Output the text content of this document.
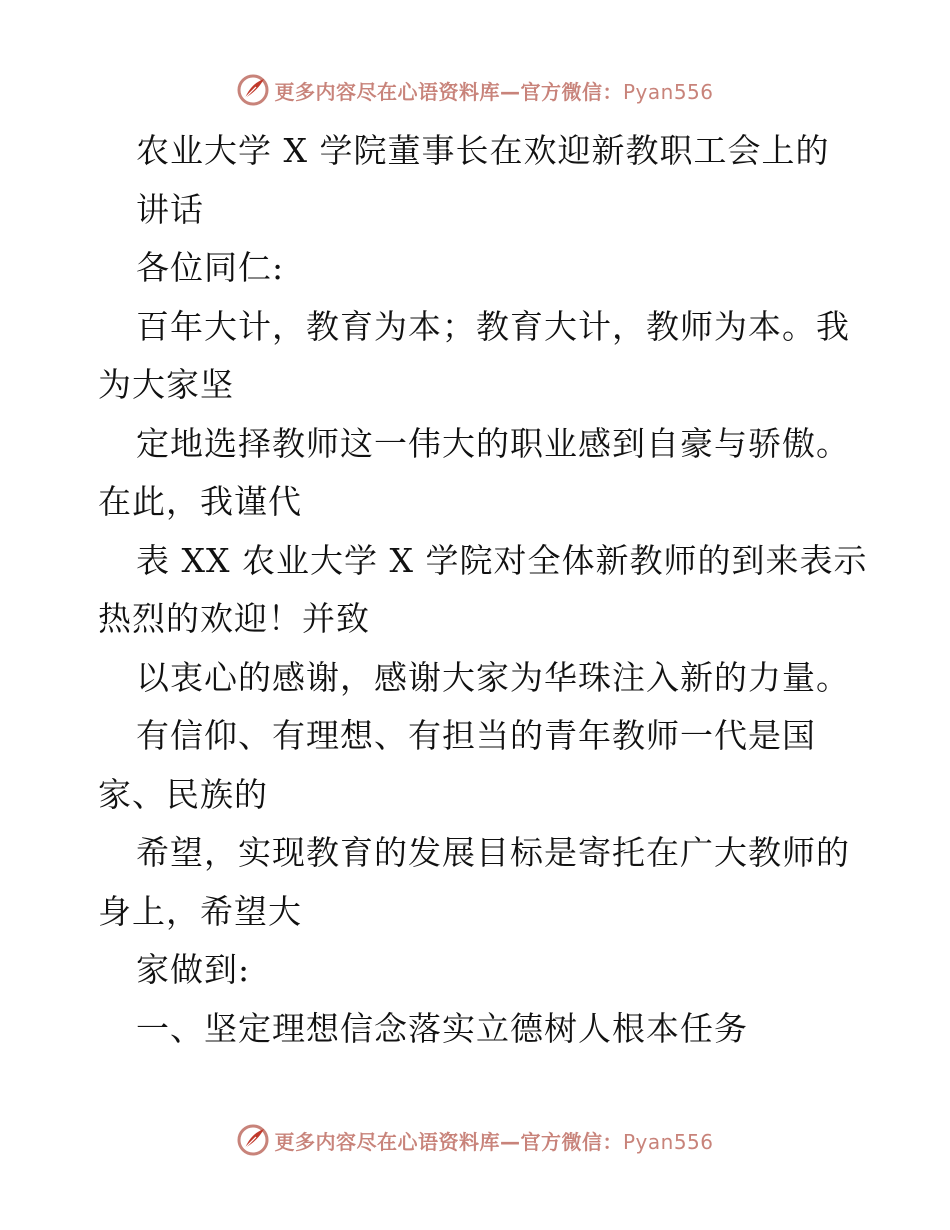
更多内容尽在心语资料库—官方微信：Pyan556
农业大学 X 学院董事长在欢迎新教职工会上的
讲话
各位同仁:
百年大计，教育为本；教育大计，教师为本。我
为大家坚
定地选择教师这一伟大的职业感到自豪与骄傲。
在此，我谨代
表 XX 农业大学 X 学院对全体新教师的到来表示
热烈的欢迎！并致
以衷心的感谢，感谢大家为华珠注入新的力量。
有信仰、有理想、有担当的青年教师一代是国
家、民族的
希望，实现教育的发展目标是寄托在广大教师的
身上，希望大
家做到:
一、坚定理想信念落实立德树人根本任务
更多内容尽在心语资料库—官方微信：Pyan556
